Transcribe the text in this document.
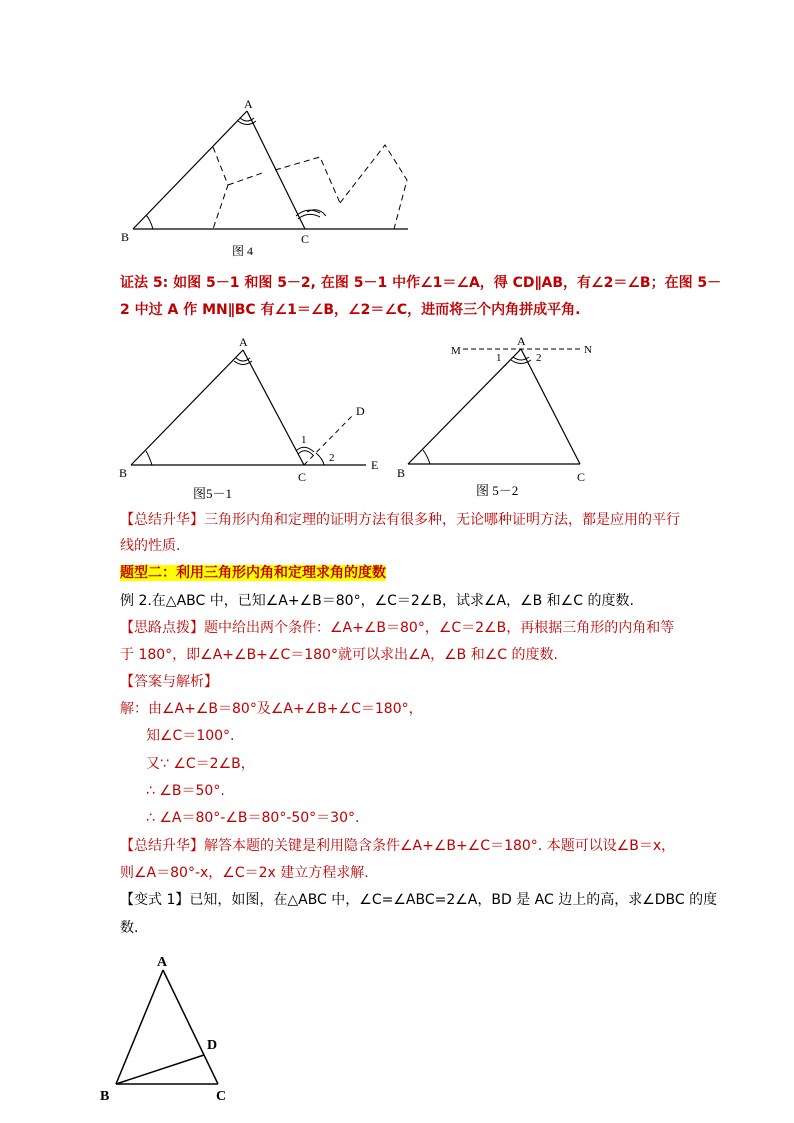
A
B	C
图 4
证法 5: 如图 5－1 和图 5－2, 在图 5－1 中作∠1＝∠A，得 CD∥AB，有∠2＝∠B；在图 5－
2 中过 A 作 MN∥BC 有∠1＝∠B，∠2＝∠C，进而将三个内角拼成平角.
A
B	C
D
E
1
2
图5－1
M	N
A
1	2
B	C
图 5－2
【总结升华】三角形内角和定理的证明方法有很多种，无论哪种证明方法，都是应用的平行
线的性质.
题型二：利用三角形内角和定理求角的度数
例 2.在△ABC 中，已知∠A+∠B＝80°，∠C＝2∠B，试求∠A，∠B 和∠C 的度数.
【思路点拨】题中给出两个条件：∠A+∠B＝80°，∠C＝2∠B，再根据三角形的内角和等
于 180°，即∠A+∠B+∠C＝180°就可以求出∠A，∠B 和∠C 的度数.
【答案与解析】
解：由∠A+∠B＝80°及∠A+∠B+∠C＝180°，
知∠C＝100°.
又∵ ∠C＝2∠B，
∴ ∠B＝50°.
∴ ∠A＝80°-∠B＝80°-50°＝30°.
【总结升华】解答本题的关键是利用隐含条件∠A+∠B+∠C＝180°. 本题可以设∠B＝x，
则∠A＝80°-x，∠C＝2x 建立方程求解.
【变式 1】已知，如图，在△ABC 中，∠C=∠ABC=2∠A，BD 是 AC 边上的高，求∠DBC 的度
数.
A
B	C
D
